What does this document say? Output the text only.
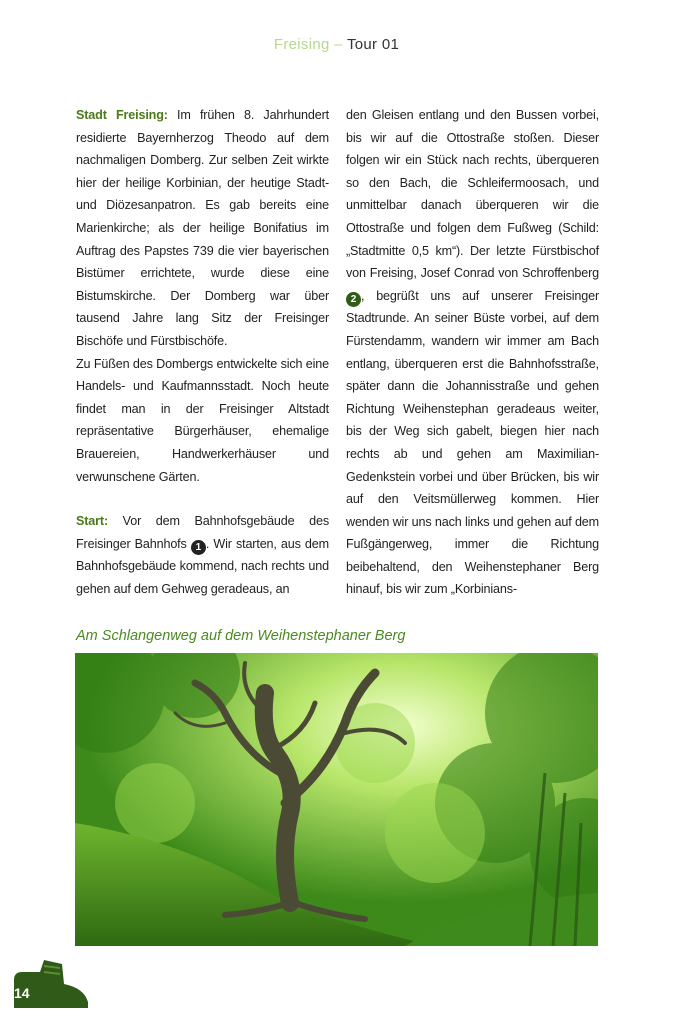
Freising – Tour 01

Stadt Freising: Im frühen 8. Jahrhundert residierte Bayernherzog Theodo auf dem nachmaligen Domberg. Zur selben Zeit wirkte hier der heilige Korbinian, der heutige Stadt- und Diözesanpatron. Es gab bereits eine Marienkirche; als der heilige Bonifatius im Auftrag des Papstes 739 die vier bayerischen Bistümer errichtete, wurde diese eine Bistumskirche. Der Domberg war über tausend Jahre lang Sitz der Freisinger Bischöfe und Fürstbischöfe.

Zu Füßen des Dombergs entwickelte sich eine Handels- und Kaufmannsstadt. Noch heute findet man in der Freisinger Altstadt repräsentative Bürgerhäuser, ehemalige Brauereien, Handwerkerhäuser und verwunschene Gärten.

Start: Vor dem Bahnhofsgebäude des Freisinger Bahnhofs 1 . Wir starten, aus dem Bahnhofsgebäude kommend, nach rechts und gehen auf dem Gehweg geradeaus, an

den Gleisen entlang und den Bussen vorbei, bis wir auf die Ottostraße stoßen. Dieser folgen wir ein Stück nach rechts, überqueren so den Bach, die Schleifermoosach, und unmittelbar danach überqueren wir die Ottostraße und folgen dem Fußweg (Schild: „Stadtmitte 0,5 km“). Der letzte Fürstbischof von Freising, Josef Conrad von Schroffenberg 2 , begrüßt uns auf unserer Freisinger Stadtrunde. An seiner Büste vorbei, auf dem Fürstendamm, wandern wir immer am Bach entlang, überqueren erst die Bahnhofsstraße, später dann die Johannisstraße und gehen Richtung Weihenstephan geradeaus weiter, bis der Weg sich gabelt, biegen hier nach rechts ab und gehen am Maximilian-Gedenkstein vorbei und über Brücken, bis wir auf den Veitsmüllerweg kommen. Hier wenden wir uns nach links und gehen auf dem Fußgängerweg, immer die Richtung beibehaltend, den Weihenstephaner Berg hinauf, bis wir zum „Korbinians-

Am Schlangenweg auf dem Weihenstephaner Berg
14
